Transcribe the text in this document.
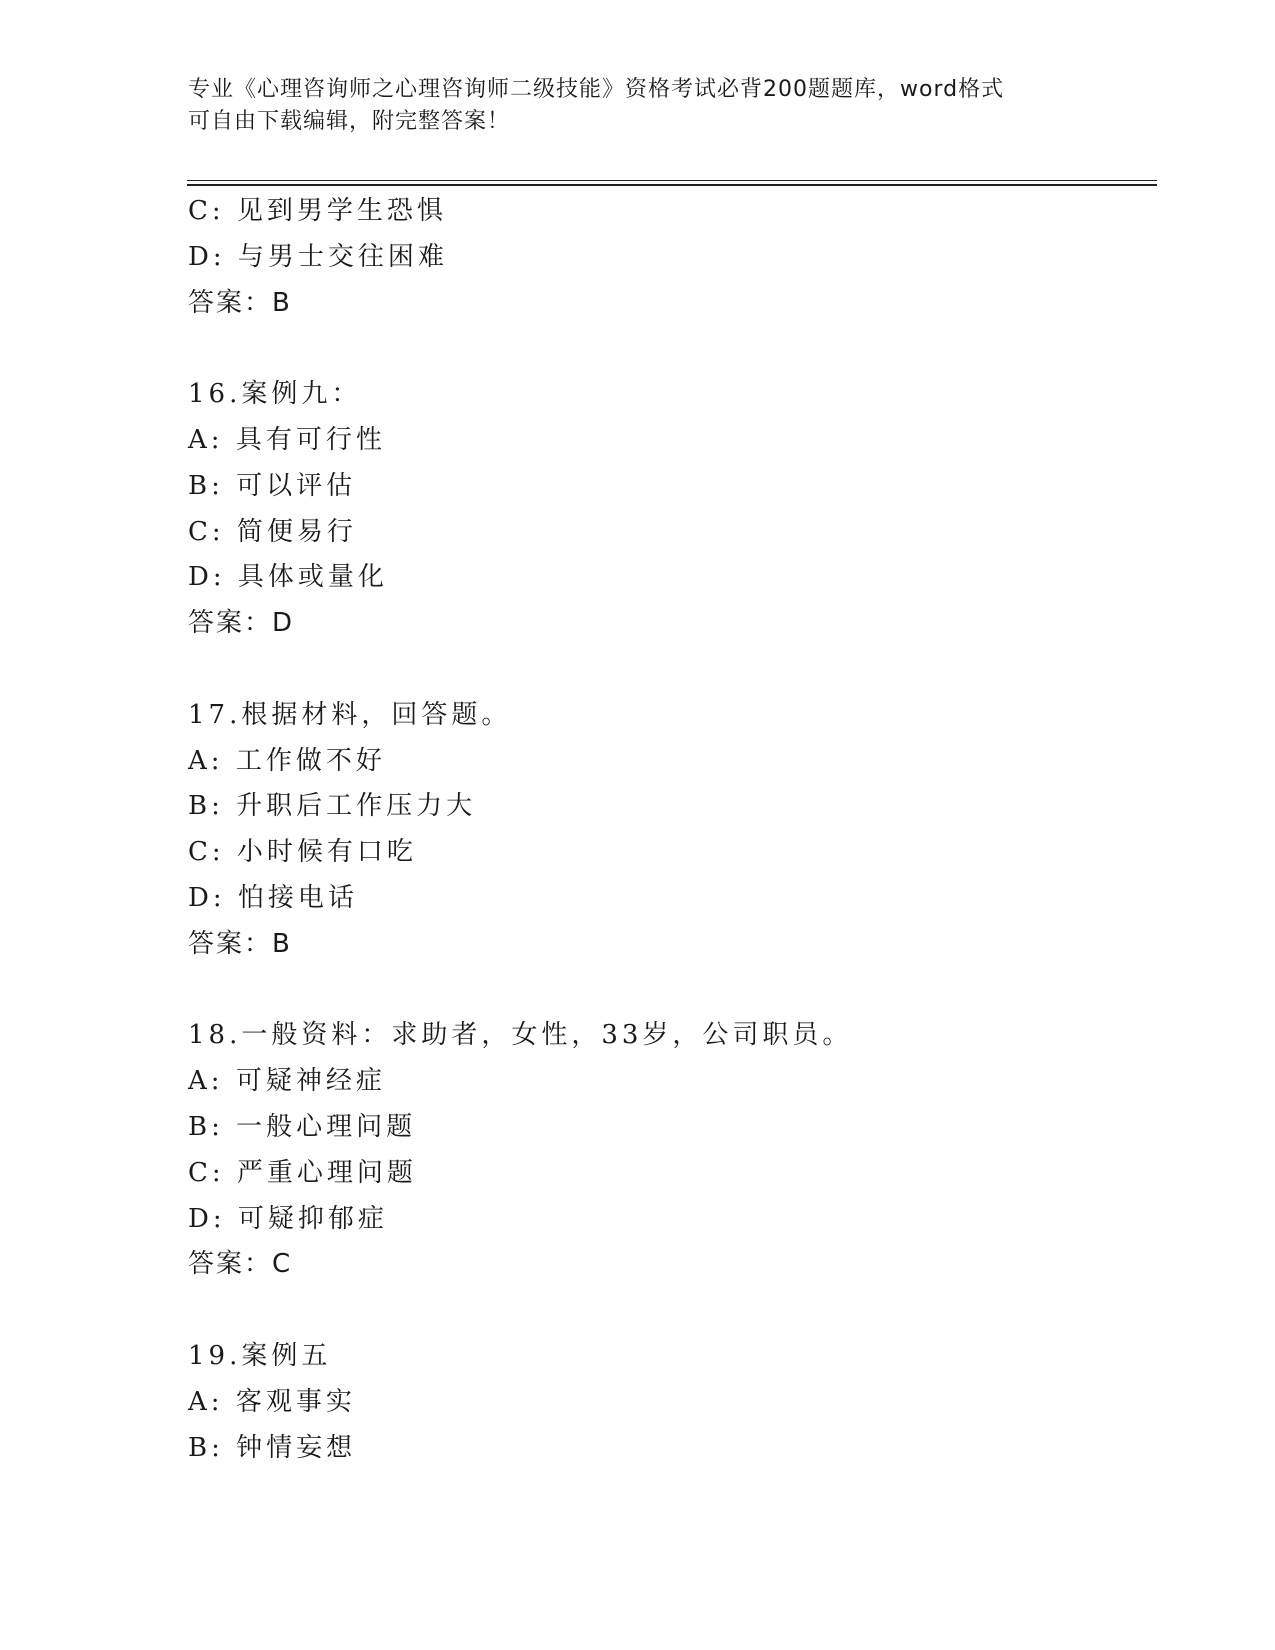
专业《心理咨询师之心理咨询师二级技能》资格考试必背200题题库，word格式
可自由下载编辑，附完整答案！
C: 见到男学生恐惧
D: 与男士交往困难
答案：B
16.案例九：
A: 具有可行性
B: 可以评估
C: 简便易行
D: 具体或量化
答案：D
17.根据材料，回答题。
A: 工作做不好
B: 升职后工作压力大
C: 小时候有口吃
D: 怕接电话
答案：B
18.一般资料：求助者，女性，33岁，公司职员。
A: 可疑神经症
B: 一般心理问题
C: 严重心理问题
D: 可疑抑郁症
答案：C
19.案例五
A: 客观事实
B: 钟情妄想
